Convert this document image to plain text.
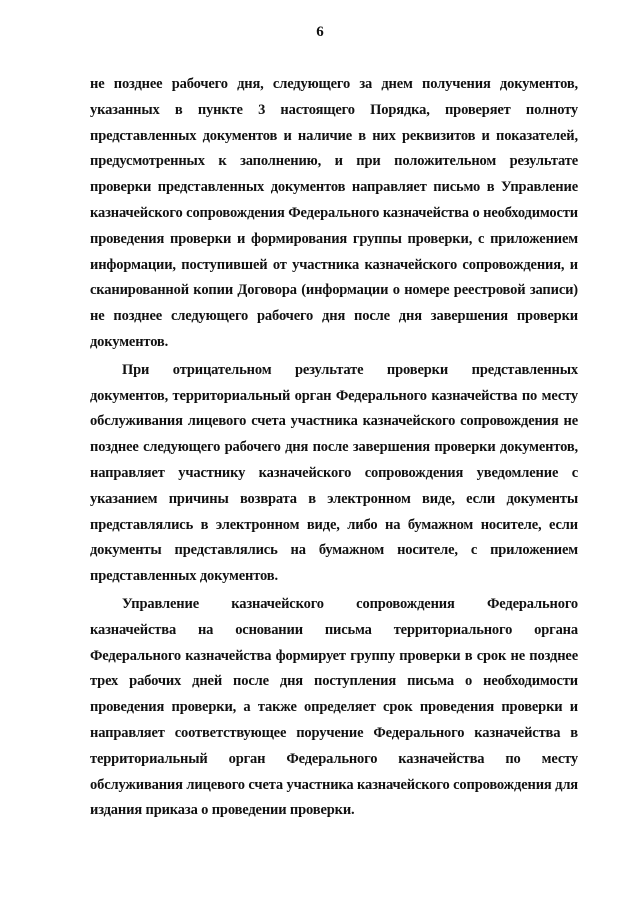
6

не позднее рабочего дня, следующего за днем получения документов, указанных в пункте 3 настоящего Порядка, проверяет полноту представленных документов и наличие в них реквизитов и показателей, предусмотренных к заполнению, и при положительном результате проверки представленных документов направляет письмо в Управление казначейского сопровождения Федерального казначейства о необходимости проведения проверки и формирования группы проверки, с приложением информации, поступившей от участника казначейского сопровождения, и сканированной копии Договора (информации о номере реестровой записи) не позднее следующего рабочего дня после дня завершения проверки документов.

При отрицательном результате проверки представленных документов, территориальный орган Федерального казначейства по месту обслуживания лицевого счета участника казначейского сопровождения не позднее следующего рабочего дня после завершения проверки документов, направляет участнику казначейского сопровождения уведомление с указанием причины возврата в электронном виде, если документы представлялись в электронном виде, либо на бумажном носителе, если документы представлялись на бумажном носителе, с приложением представленных документов.

Управление казначейского сопровождения Федерального казначейства на основании письма территориального органа Федерального казначейства формирует группу проверки в срок не позднее трех рабочих дней после дня поступления письма о необходимости проведения проверки, а также определяет срок проведения проверки и направляет соответствующее поручение Федерального казначейства в территориальный орган Федерального казначейства по месту обслуживания лицевого счета участника казначейского сопровождения для издания приказа о проведении проверки.
